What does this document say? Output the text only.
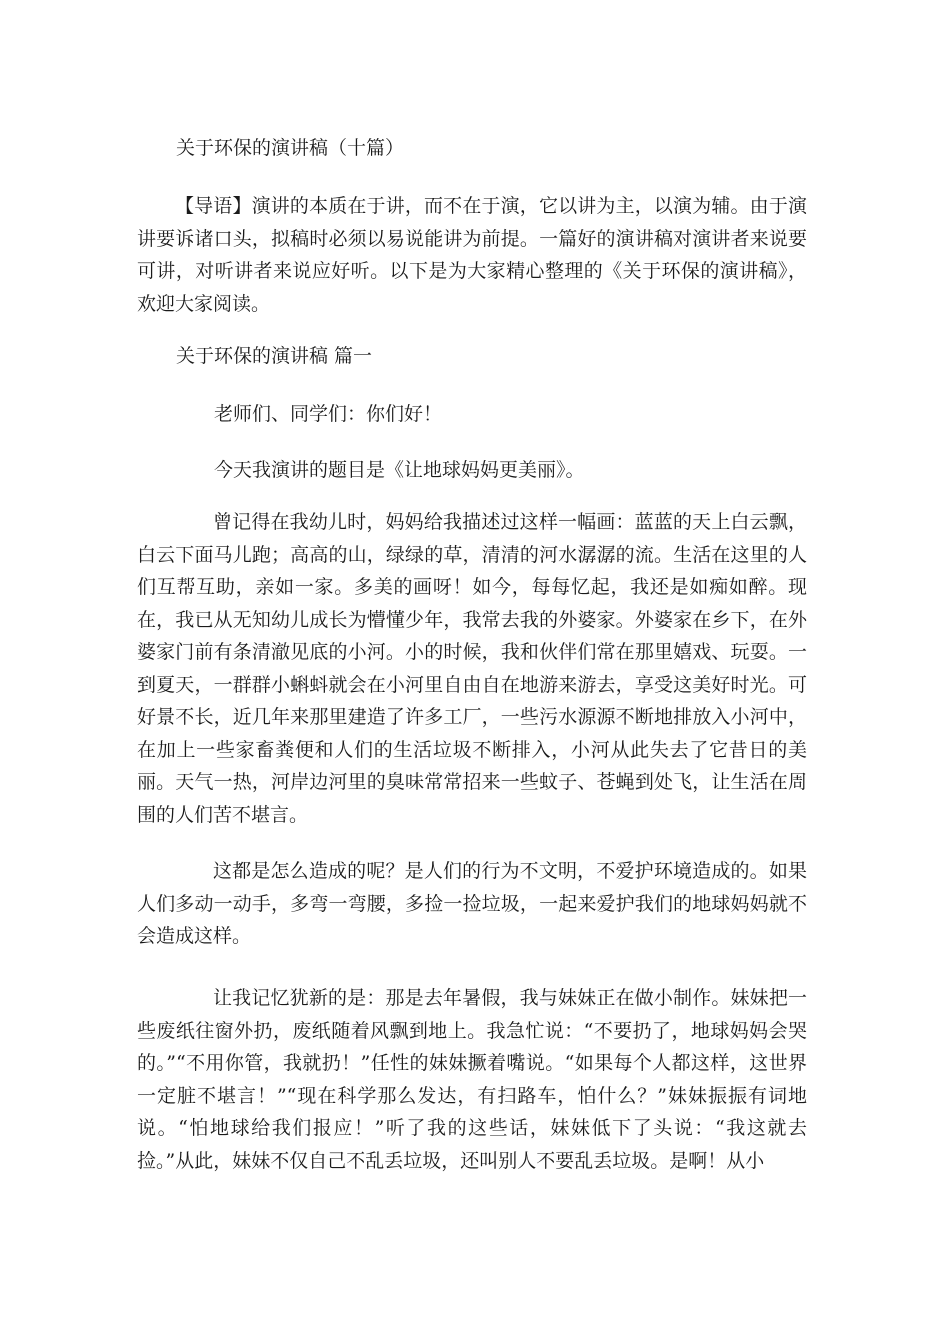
关于环保的演讲稿（十篇）
【导语】演讲的本质在于讲，而不在于演，它以讲为主，以演为辅。由于演讲要诉诸口头，拟稿时必须以易说能讲为前提。一篇好的演讲稿对演讲者来说要可讲，对听讲者来说应好听。以下是为大家精心整理的《关于环保的演讲稿》，欢迎大家阅读。
关于环保的演讲稿 篇一
老师们、同学们：你们好！
今天我演讲的题目是《让地球妈妈更美丽》。
曾记得在我幼儿时，妈妈给我描述过这样一幅画：蓝蓝的天上白云飘，白云下面马儿跑；高高的山，绿绿的草，清清的河水潺潺的流。生活在这里的人们互帮互助，亲如一家。多美的画呀！如今，每每忆起，我还是如痴如醉。现在，我已从无知幼儿成长为懵懂少年，我常去我的外婆家。外婆家在乡下，在外婆家门前有条清澈见底的小河。小的时候，我和伙伴们常在那里嬉戏、玩耍。一到夏天，一群群小蝌蚪就会在小河里自由自在地游来游去，享受这美好时光。可好景不长，近几年来那里建造了许多工厂，一些污水源源不断地排放入小河中，在加上一些家畜粪便和人们的生活垃圾不断排入，小河从此失去了它昔日的美丽。天气一热，河岸边河里的臭味常常招来一些蚊子、苍蝇到处飞，让生活在周围的人们苦不堪言。
这都是怎么造成的呢？是人们的行为不文明，不爱护环境造成的。如果人们多动一动手，多弯一弯腰，多捡一捡垃圾，一起来爱护我们的地球妈妈就不会造成这样。
让我记忆犹新的是：那是去年暑假，我与妹妹正在做小制作。妹妹把一些废纸往窗外扔，废纸随着风飘到地上。我急忙说：“不要扔了，地球妈妈会哭的。”“不用你管，我就扔！”任性的妹妹撅着嘴说。“如果每个人都这样，这世界一定脏不堪言！”“现在科学那么发达，有扫路车，怕什么？”妹妹振振有词地说。“怕地球给我们报应！”听了我的这些话，妹妹低下了头说：“我这就去捡。”从此，妹妹不仅自己不乱丢垃圾，还叫别人不要乱丢垃圾。是啊！从小
